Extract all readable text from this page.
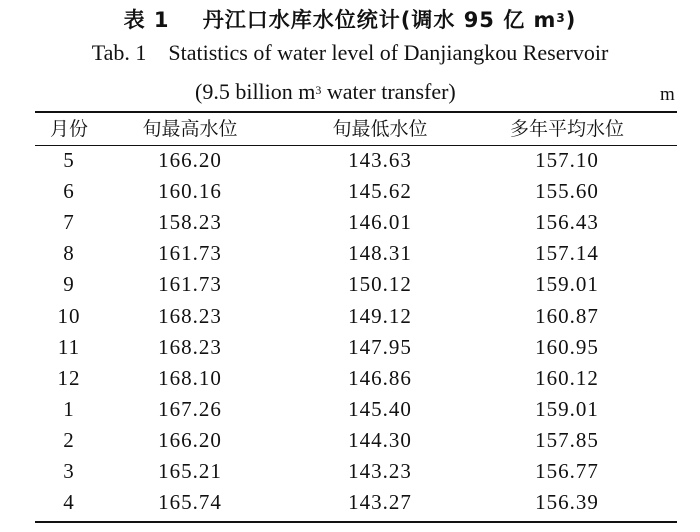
表 1 丹江口水库水位统计(调水 95 亿 $m^3$)
Tab. 1 Statistics of water level of Danjiangkou Reservoir
(9.5 billion $m^3$ water transfer)	m
月份	旬最高水位	旬最低水位	多年平均水位
5	166.20	143.63	157.10
6	160.16	145.62	155.60
7	158.23	146.01	156.43
8	161.73	148.31	157.14
9	161.73	150.12	159.01
10	168.23	149.12	160.87
11	168.23	147.95	160.95
12	168.10	146.86	160.12
1	167.26	145.40	159.01
2	166.20	144.30	157.85
3	165.21	143.23	156.77
4	165.74	143.27	156.39
